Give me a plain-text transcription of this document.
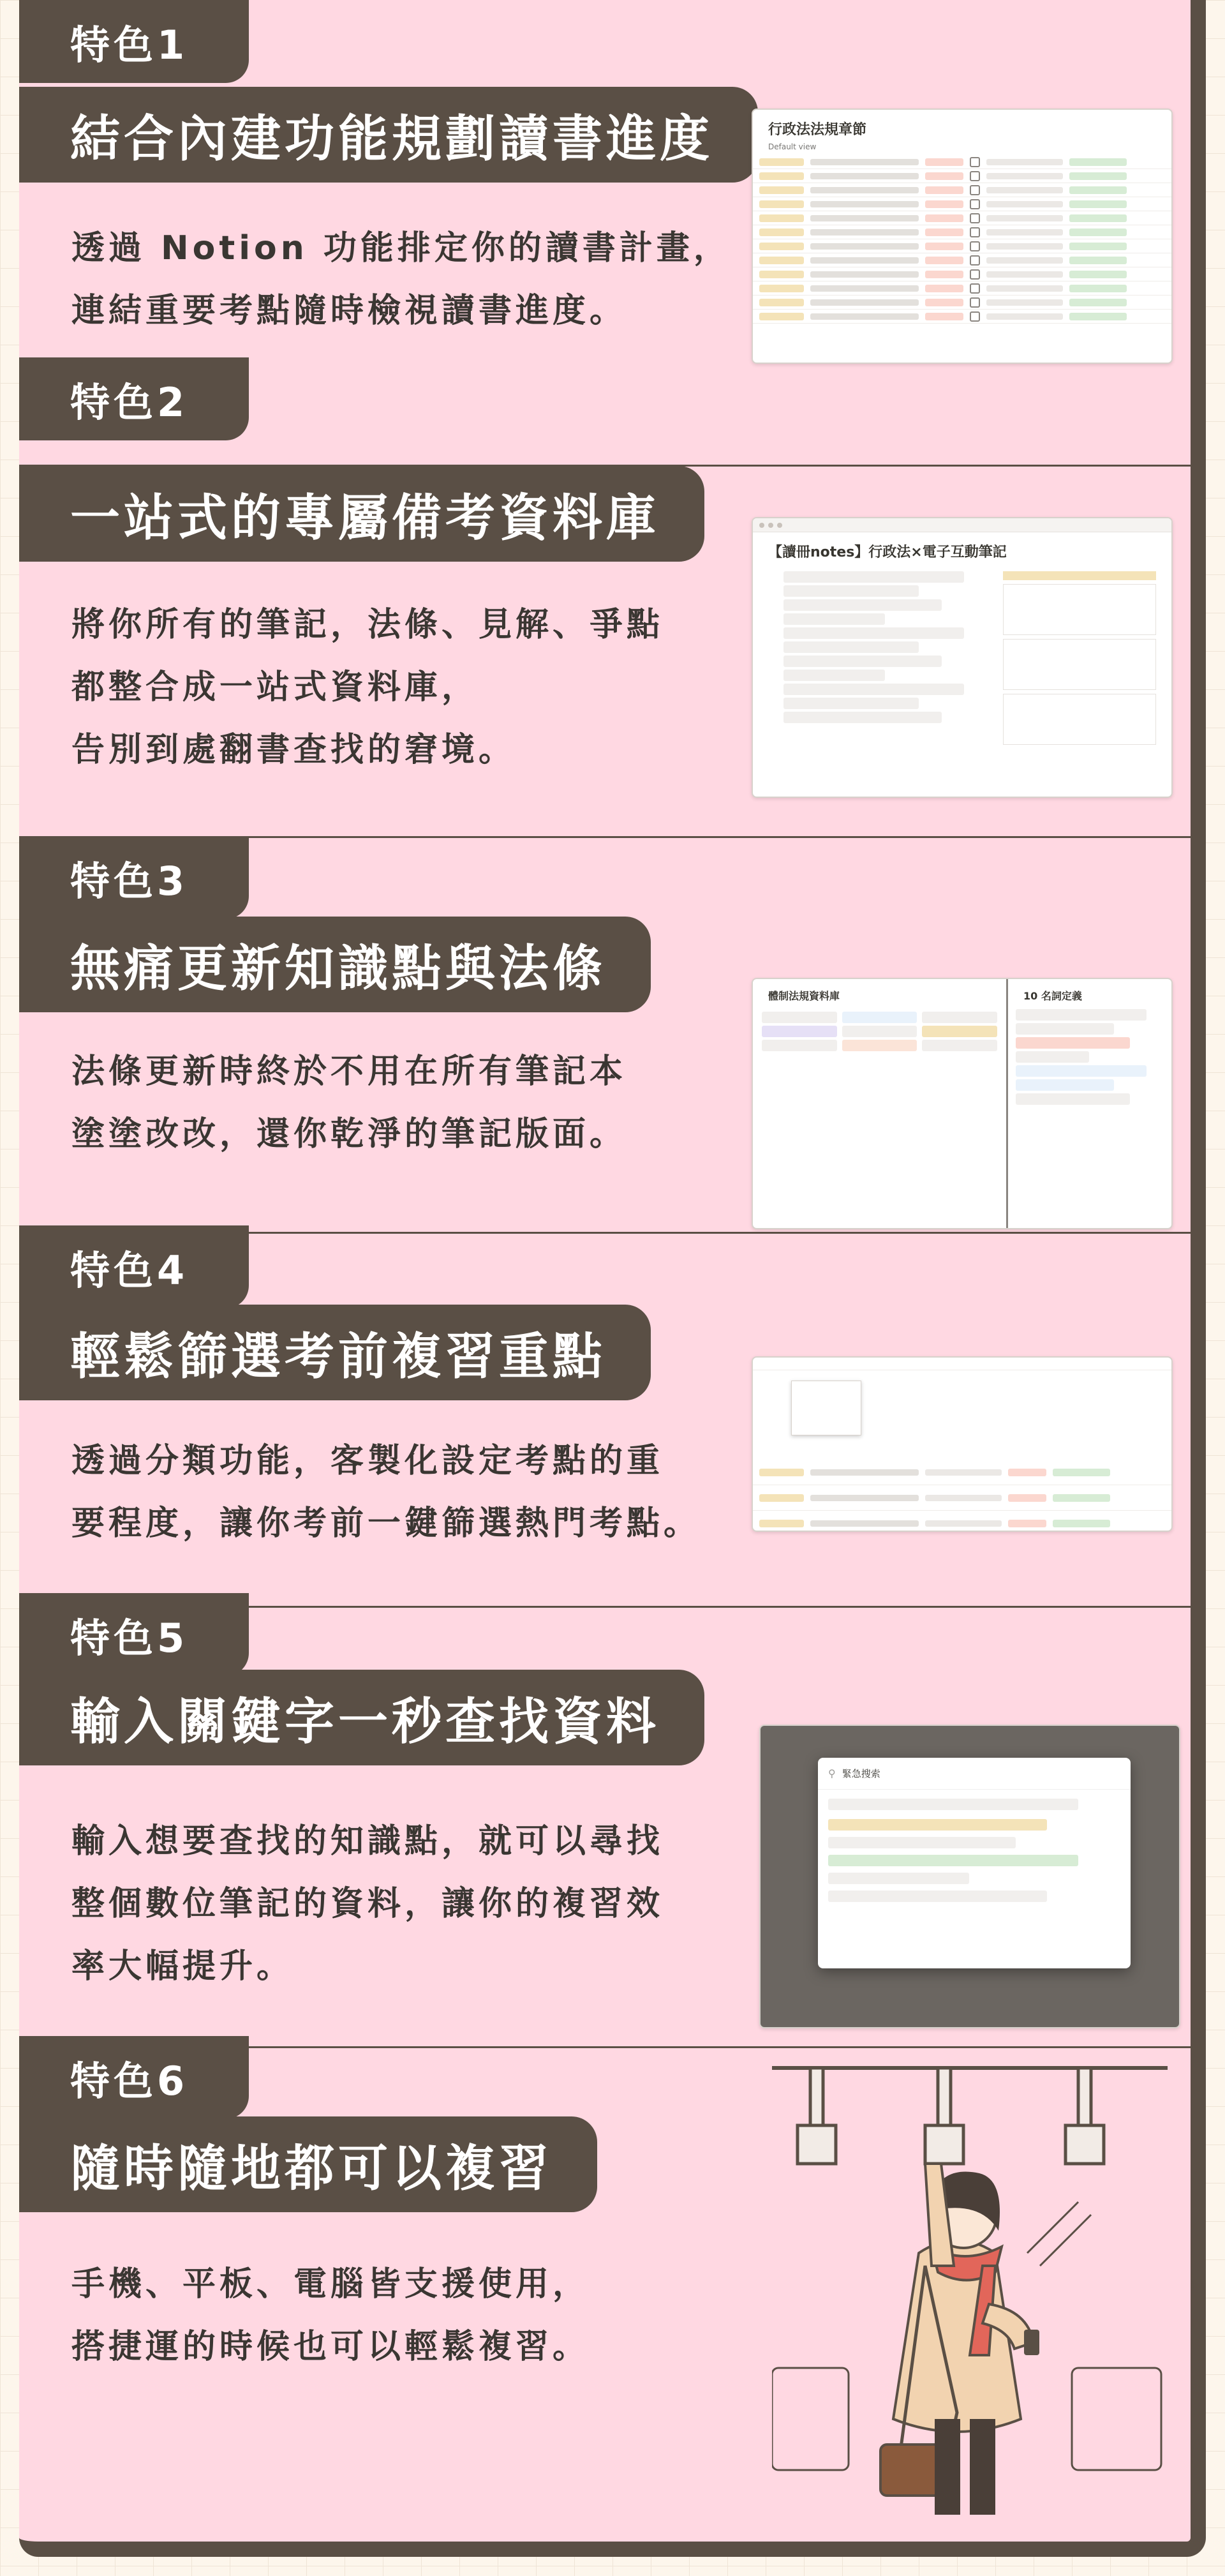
特色1
結合內建功能規劃讀書進度
透過 Notion 功能排定你的讀書計畫，
連結重要考點隨時檢視讀書進度。
行政法法規章節
Default view
特色2
一站式的專屬備考資料庫
將你所有的筆記，法條、見解、爭點
都整合成一站式資料庫，
告別到處翻書查找的窘境。
【讀冊notes】行政法×電子互動筆記
特色3
無痛更新知識點與法條
法條更新時終於不用在所有筆記本
塗塗改改，還你乾淨的筆記版面。
體制法規資料庫	10 名詞定義
特色4
輕鬆篩選考前複習重點
透過分類功能，客製化設定考點的重
要程度，讓你考前一鍵篩選熱門考點。
特色5
輸入關鍵字一秒查找資料
輸入想要查找的知識點，就可以尋找
整個數位筆記的資料，讓你的複習效
率大幅提升。
⚲ 緊急搜索
特色6
隨時隨地都可以複習
手機、平板、電腦皆支援使用，
搭捷運的時候也可以輕鬆複習。
